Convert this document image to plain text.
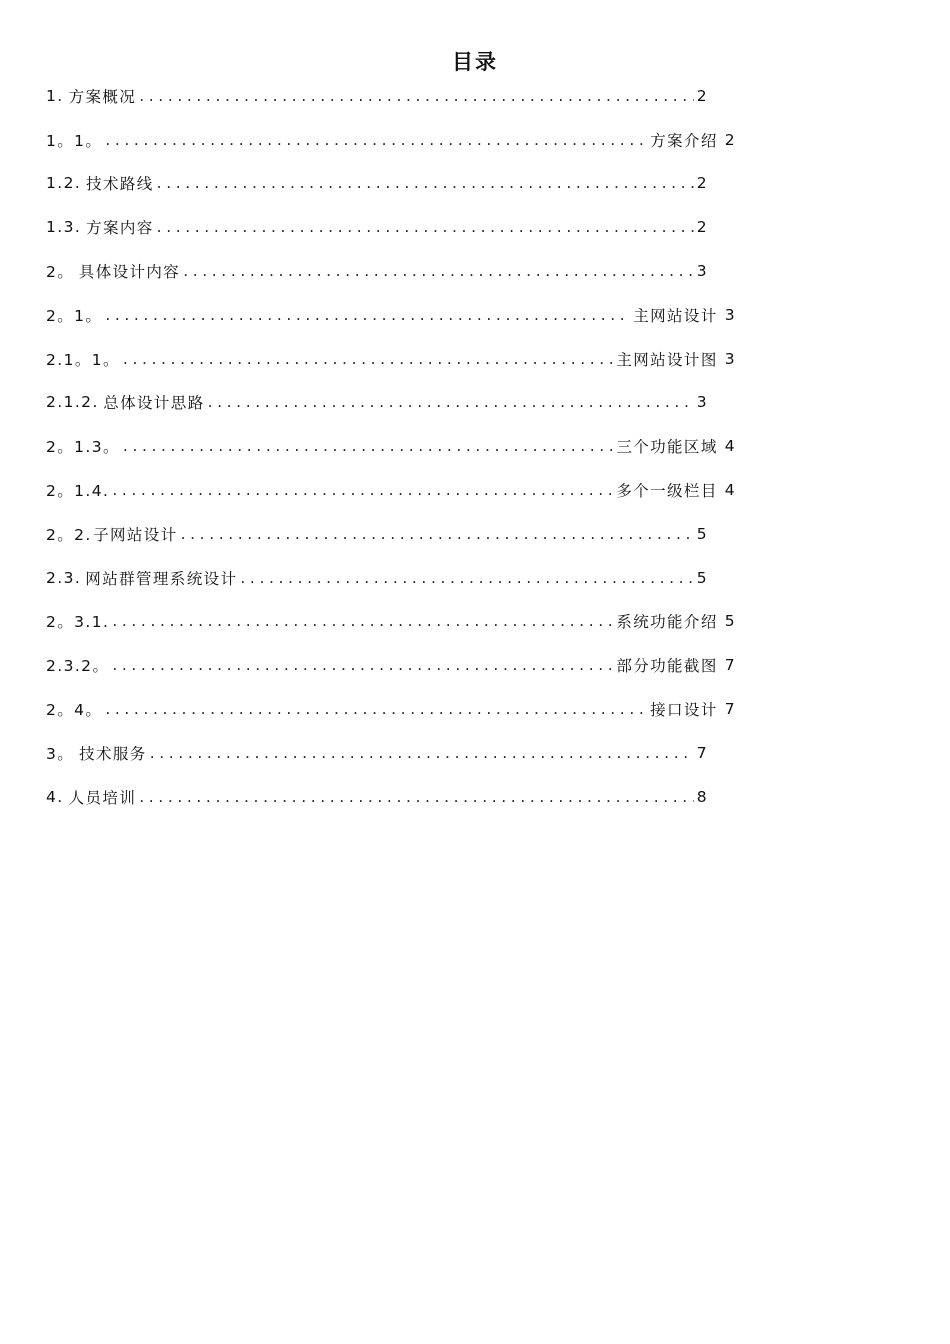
目录
1. 方案概况 .....	2
1。1。 .....	方案介绍 2
1.2. 技术路线 .....	2
1.3. 方案内容 .....	2
2。 具体设计内容 .....	3
2。1。 .....	主网站设计 3
2.1。1。 .....	主网站设计图 3
2.1.2. 总体设计思路 .....	3
2。1.3。 .....	三个功能区域 4
2。1.4. .....	多个一级栏目 4
2。2. 子网站设计 .....	5
2.3. 网站群管理系统设计 .....	5
2。3.1. .....	系统功能介绍 5
2.3.2。 .....	部分功能截图 7
2。4。 .....	接口设计 7
3。 技术服务 .....	7
4. 人员培训 .....	8
